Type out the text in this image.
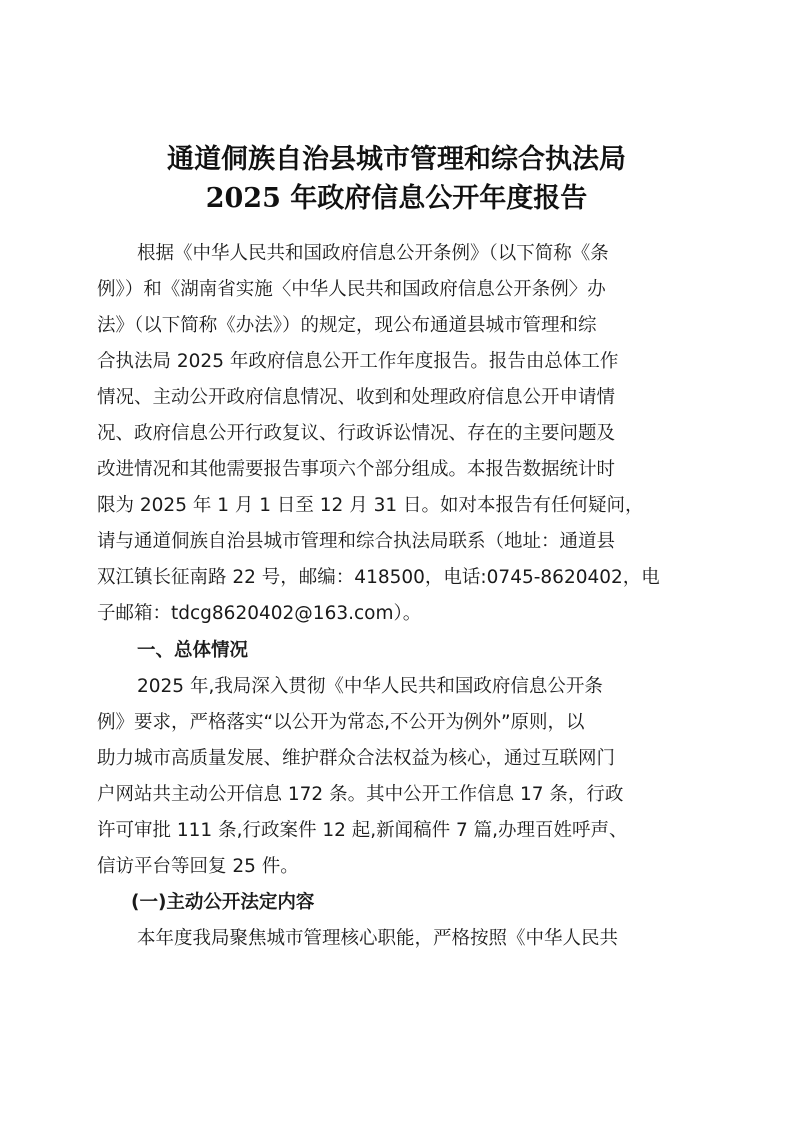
通道侗族自治县城市管理和综合执法局
2025 年政府信息公开年度报告
根据《中华人民共和国政府信息公开条例》（以下简称《条
例》）和《湖南省实施〈中华人民共和国政府信息公开条例〉办
法》（以下简称《办法》）的规定，现公布通道县城市管理和综
合执法局 2025 年政府信息公开工作年度报告。报告由总体工作
情况、主动公开政府信息情况、收到和处理政府信息公开申请情
况、政府信息公开行政复议、行政诉讼情况、存在的主要问题及
改进情况和其他需要报告事项六个部分组成。本报告数据统计时
限为 2025 年 1 月 1 日至 12 月 31 日。如对本报告有任何疑问，
请与通道侗族自治县城市管理和综合执法局联系（地址：通道县
双江镇长征南路 22 号，邮编：418500，电话:0745-8620402，电
子邮箱：tdcg8620402@163.com）。
一、总体情况
2025 年,我局深入贯彻《中华人民共和国政府信息公开条
例》要求，严格落实“以公开为常态,不公开为例外”原则，以
助力城市高质量发展、维护群众合法权益为核心，通过互联网门
户网站共主动公开信息 172 条。其中公开工作信息 17 条，行政
许可审批 111 条,行政案件 12 起,新闻稿件 7 篇,办理百姓呼声、
信访平台等回复 25 件。
(一)主动公开法定内容
本年度我局聚焦城市管理核心职能，严格按照《中华人民共
